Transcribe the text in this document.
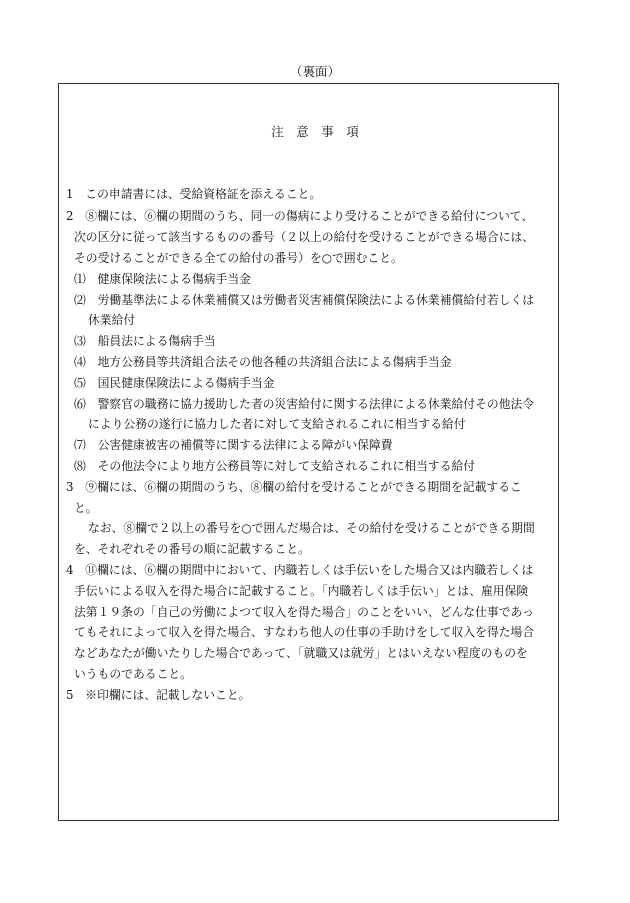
（裏面）
注　意　事　項
1　この申請書には、受給資格証を添えること。
2　⑧欄には、⑥欄の期間のうち、同一の傷病により受けることができる給付について、
次の区分に従って該当するものの番号（２以上の給付を受けることができる場合には、
その受けることができる全ての給付の番号）を○で囲むこと。
⑴　健康保険法による傷病手当金
⑵　労働基準法による休業補償又は労働者災害補償保険法による休業補償給付若しくは
休業給付
⑶　船員法による傷病手当
⑷　地方公務員等共済組合法その他各種の共済組合法による傷病手当金
⑸　国民健康保険法による傷病手当金
⑹　警察官の職務に協力援助した者の災害給付に関する法律による休業給付その他法令
により公務の遂行に協力した者に対して支給されるこれに相当する給付
⑺　公害健康被害の補償等に関する法律による障がい保障費
⑻　その他法令により地方公務員等に対して支給されるこれに相当する給付
3　⑨欄には、⑥欄の期間のうち、⑧欄の給付を受けることができる期間を記載するこ
と。
なお、⑧欄で２以上の番号を○で囲んだ場合は、その給付を受けることができる期間
を、それぞれその番号の順に記載すること。
4　⑪欄には、⑥欄の期間中において、内職若しくは手伝いをした場合又は内職若しくは
手伝いによる収入を得た場合に記載すること。「内職若しくは手伝い」とは、雇用保険
法第１９条の「自己の労働によつて収入を得た場合」のことをいい、どんな仕事であっ
てもそれによって収入を得た場合、すなわち他人の仕事の手助けをして収入を得た場合
などあなたが働いたりした場合であって、「就職又は就労」とはいえない程度のものを
いうものであること。
5　※印欄には、記載しないこと。
